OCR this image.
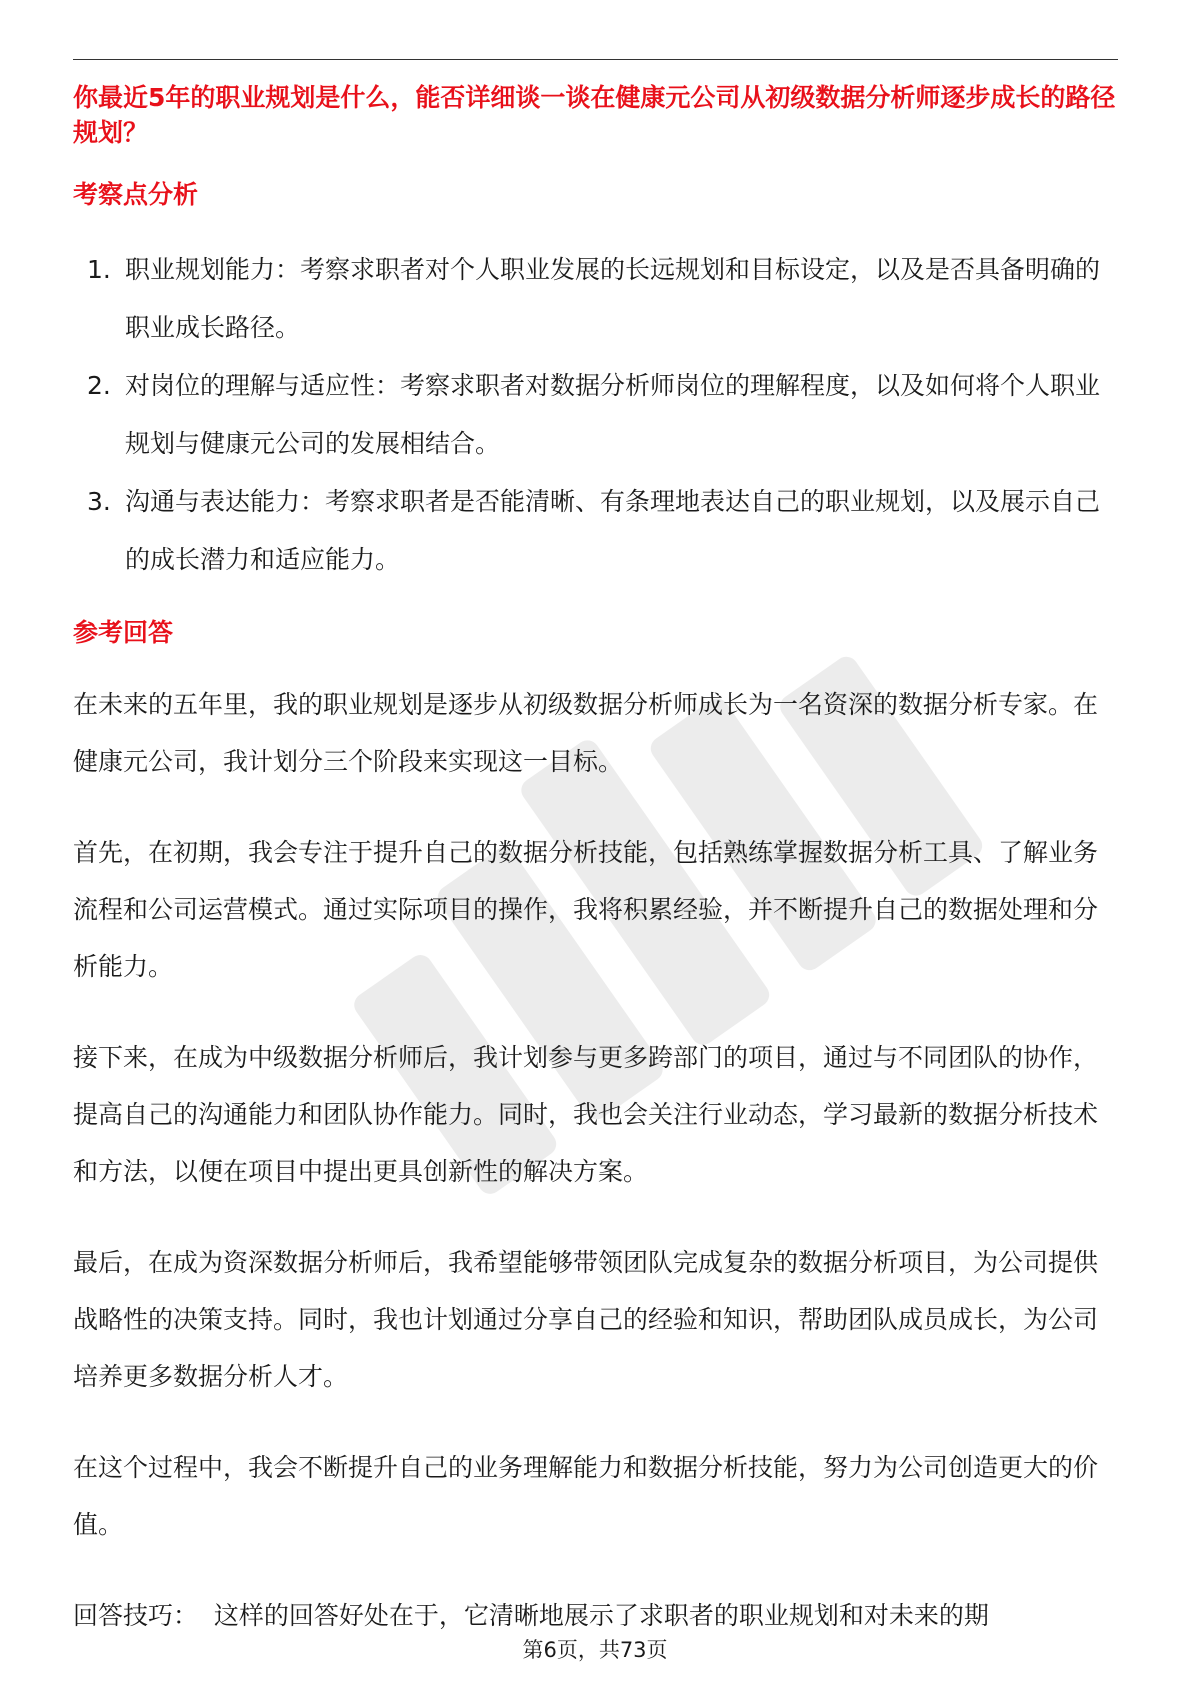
你最近5年的职业规划是什么，能否详细谈一谈在健康元公司从初级数据分析师逐步成长的路径规划？

考察点分析

1. 职业规划能力：考察求职者对个人职业发展的长远规划和目标设定，以及是否具备明确的职业成长路径。
2. 对岗位的理解与适应性：考察求职者对数据分析师岗位的理解程度，以及如何将个人职业规划与健康元公司的发展相结合。
3. 沟通与表达能力：考察求职者是否能清晰、有条理地表达自己的职业规划，以及展示自己的成长潜力和适应能力。

参考回答

在未来的五年里，我的职业规划是逐步从初级数据分析师成长为一名资深的数据分析专家。在健康元公司，我计划分三个阶段来实现这一目标。

首先，在初期，我会专注于提升自己的数据分析技能，包括熟练掌握数据分析工具、了解业务流程和公司运营模式。通过实际项目的操作，我将积累经验，并不断提升自己的数据处理和分析能力。

接下来，在成为中级数据分析师后，我计划参与更多跨部门的项目，通过与不同团队的协作，提高自己的沟通能力和团队协作能力。同时，我也会关注行业动态，学习最新的数据分析技术和方法，以便在项目中提出更具创新性的解决方案。

最后，在成为资深数据分析师后，我希望能够带领团队完成复杂的数据分析项目，为公司提供战略性的决策支持。同时，我也计划通过分享自己的经验和知识，帮助团队成员成长，为公司培养更多数据分析人才。

在这个过程中，我会不断提升自己的业务理解能力和数据分析技能，努力为公司创造更大的价值。

回答技巧： 这样的回答好处在于，它清晰地展示了求职者的职业规划和对未来的期

第6页，共73页
